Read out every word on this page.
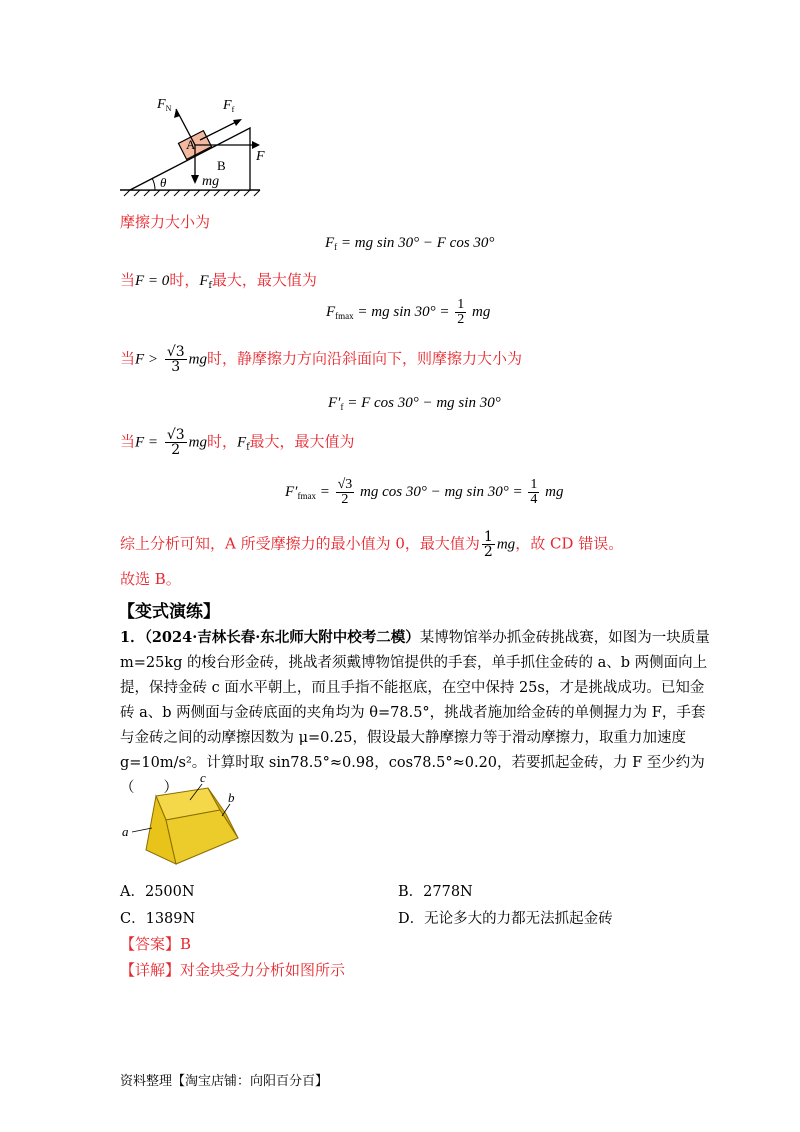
$F_N$	$F_f$
A
B
F
mg
θ
摩擦力大小为
$F_f$ = mg sin 30° − F cos 30°
当F = 0时，$F_f$最大，最大值为
$F_{fmax}$ = mg $\sin 30^\circ = \frac{1}{2}$ mg
当$F > \frac{√3}{3}$ mg时，静摩擦力方向沿斜面向下，则摩擦力大小为
$F'_f = F$ cos 30° − mg sin 30°
当$F = \frac{√3}{2}$ mg时，$F_f$最大，最大值为
$F'_{fmax} = \frac{√3}{2}$ mg cos 30° − mg $\sin 30^\circ = \frac{1}{4}$ mg
综上分析可知，A 所受摩擦力的最小值为 0，最大值为 $\frac{1}{2}$ mg，故 CD 错误。
故选 B。
【变式演练】
1．（2024·吉林长春·东北师大附中校考二模）某博物馆举办抓金砖挑战赛，如图为一块质量 m=25kg 的梭台形金砖，挑战者须戴博物馆提供的手套，单手抓住金砖的 a、b 两侧面向上提，保持金砖 c 面水平朝上，而且手指不能抠底，在空中保持 25s，才是挑战成功。已知金砖 a、b 两侧面与金砖底面的夹角均为 θ=78.5°，挑战者施加给金砖的单侧握力为 F，手套与金砖之间的动摩擦因数为 μ=0.25，假设最大静摩擦力等于滑动摩擦力，取重力加速度 g=10m/s²。计算时取 sin78.5°≈0.98，cos78.5°≈0.20，若要抓起金砖，力 F 至少约为（　　）
c
b
a
A．2500N	B．2778N
C．1389N	D．无论多大的力都无法抓起金砖
【答案】B
【详解】对金块受力分析如图所示
资料整理【淘宝店铺：向阳百分百】
